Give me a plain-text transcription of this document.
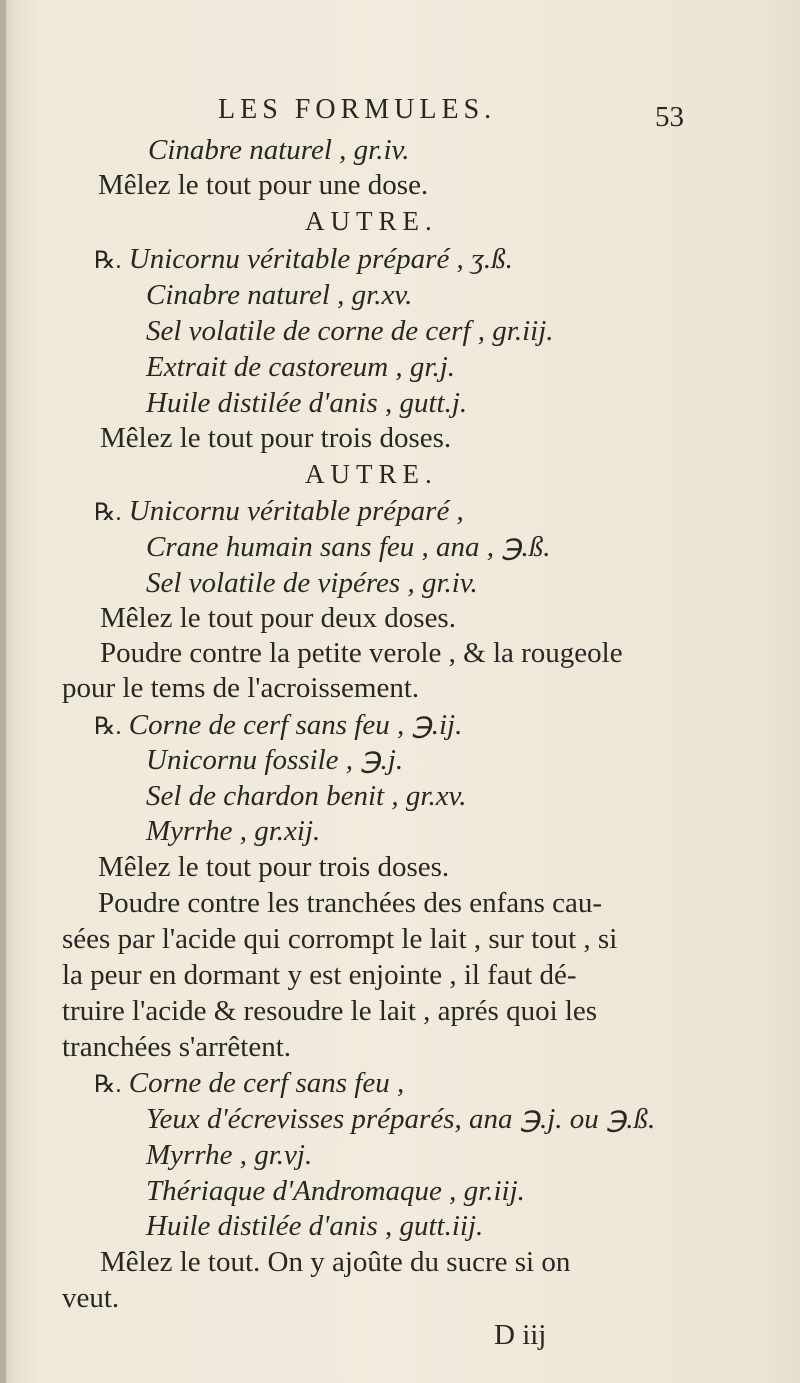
LES FORMULES.	53
Cinabre naturel , gr.iv.
Mêlez le tout pour une dose.
AUTRE.
℞. Unicornu véritable préparé , ʒ.ß.
Cinabre naturel , gr.xv.
Sel volatile de corne de cerf , gr.iij.
Extrait de castoreum , gr.j.
Huile distilée d'anis , gutt.j.
Mêlez le tout pour trois doses.
AUTRE.
℞. Unicornu véritable préparé ,
Crane humain sans feu , ana , ℈.ß.
Sel volatile de vipéres , gr.iv.
Mêlez le tout pour deux doses.
Poudre contre la petite verole , & la rougeole
pour le tems de l'acroissement.
℞. Corne de cerf sans feu , ℈.ij.
Unicornu fossile , ℈.j.
Sel de chardon benit , gr.xv.
Myrrhe , gr.xij.
Mêlez le tout pour trois doses.
Poudre contre les tranchées des enfans cau-
sées par l'acide qui corrompt le lait , sur tout , si
la peur en dormant y est enjointe , il faut dé-
truire l'acide & resoudre le lait , aprés quoi les
tranchées s'arrêtent.
℞. Corne de cerf sans feu ,
Yeux d'écrevisses préparés, ana ℈.j. ou ℈.ß.
Myrrhe , gr.vj.
Thériaque d'Andromaque , gr.iij.
Huile distilée d'anis , gutt.iij.
Mêlez le tout. On y ajoûte du sucre si on
veut.
D iij
